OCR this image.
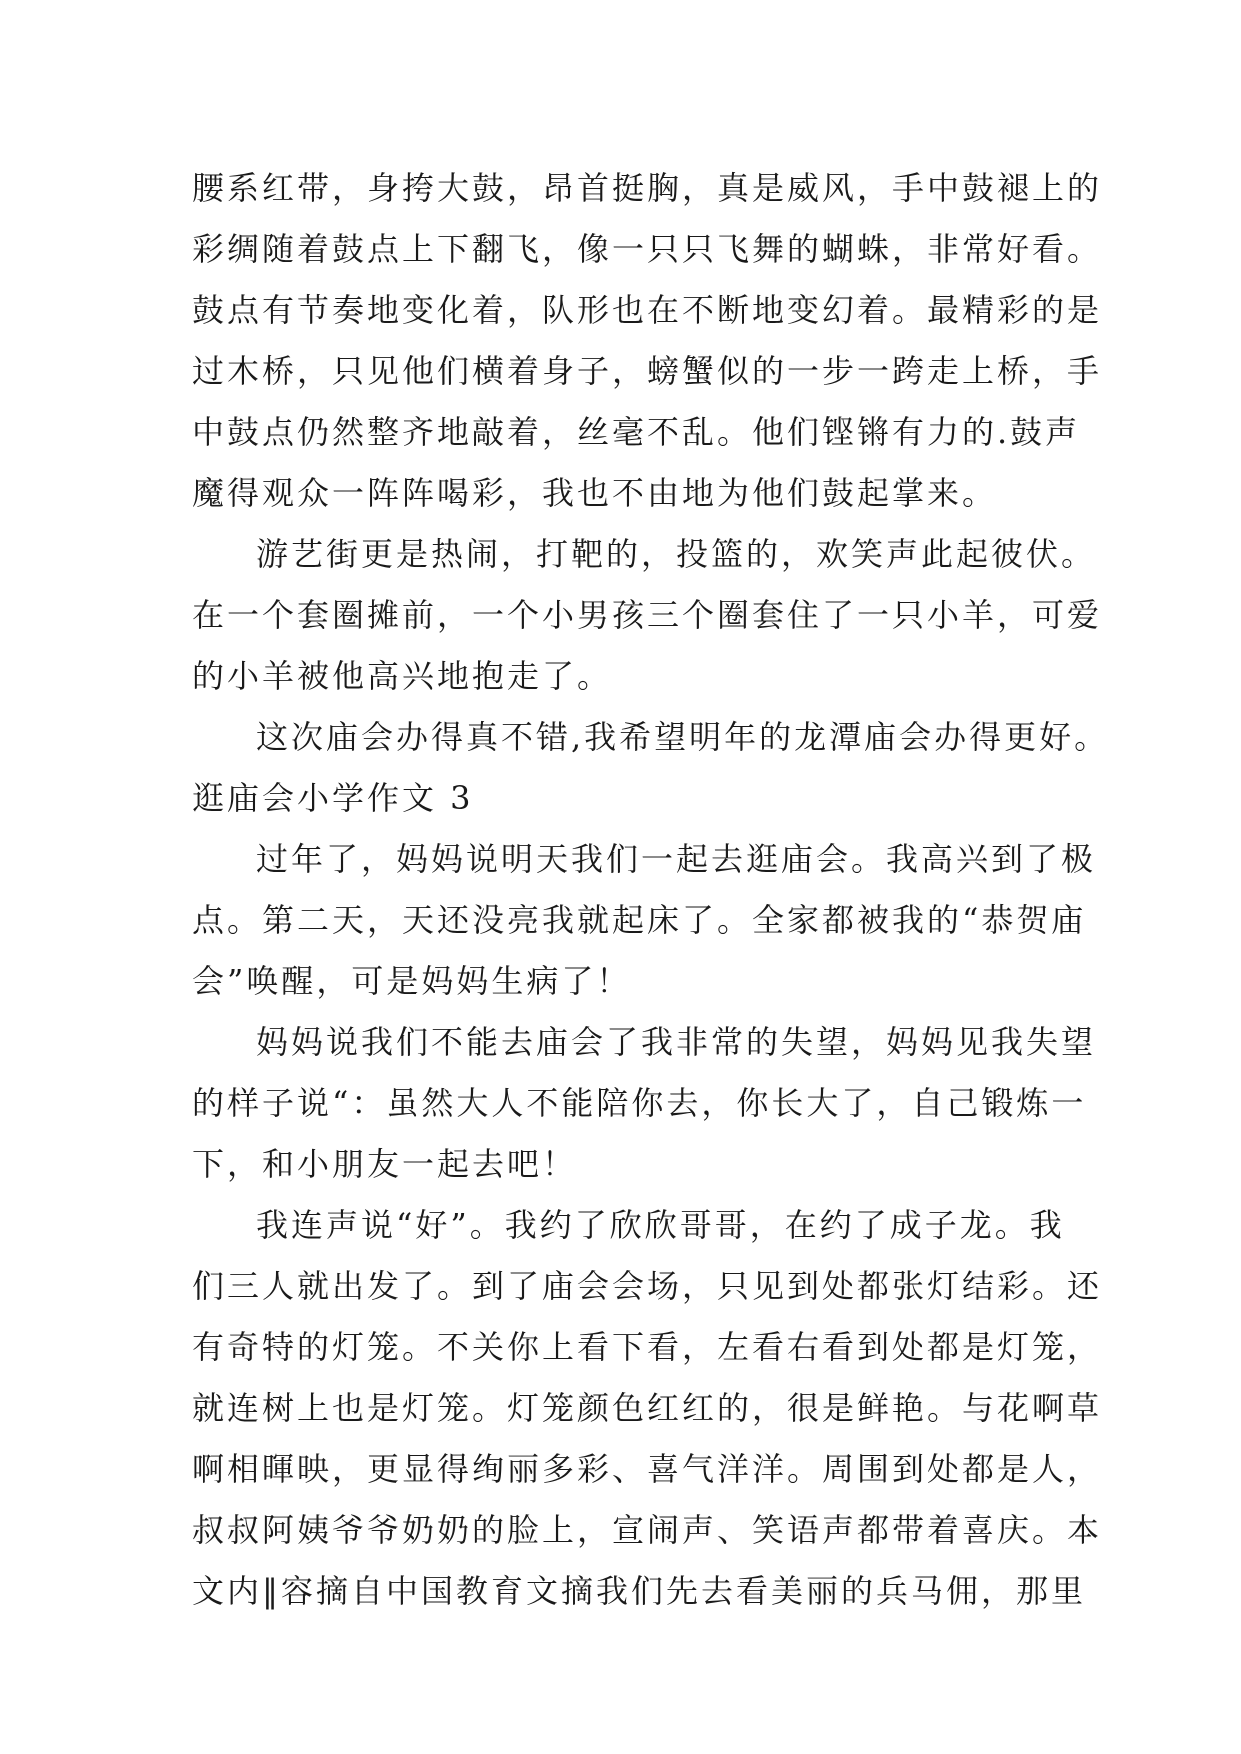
腰系红带，身挎大鼓，昂首挺胸，真是威风，手中鼓褪上的
彩绸随着鼓点上下翻飞，像一只只飞舞的蝴蛛，非常好看。
鼓点有节奏地变化着，队形也在不断地变幻着。最精彩的是
过木桥，只见他们横着身子，螃蟹似的一步一跨走上桥，手
中鼓点仍然整齐地敲着，丝毫不乱。他们铿锵有力的.鼓声
魔得观众一阵阵喝彩，我也不由地为他们鼓起掌来。
游艺街更是热闹，打靶的，投篮的，欢笑声此起彼伏。
在一个套圈摊前，一个小男孩三个圈套住了一只小羊，可爱
的小羊被他高兴地抱走了。
这次庙会办得真不错,我希望明年的龙潭庙会办得更好。
逛庙会小学作文 3
过年了，妈妈说明天我们一起去逛庙会。我高兴到了极
点。第二天，天还没亮我就起床了。全家都被我的“恭贺庙
会”唤醒，可是妈妈生病了！
妈妈说我们不能去庙会了我非常的失望，妈妈见我失望
的样子说“：虽然大人不能陪你去，你长大了，自己锻炼一
下，和小朋友一起去吧！
我连声说“好”。我约了欣欣哥哥，在约了成子龙。我
们三人就出发了。到了庙会会场，只见到处都张灯结彩。还
有奇特的灯笼。不关你上看下看，左看右看到处都是灯笼，
就连树上也是灯笼。灯笼颜色红红的，很是鲜艳。与花啊草
啊相暉映，更显得绚丽多彩、喜气洋洋。周围到处都是人，
叔叔阿姨爷爷奶奶的脸上，宣闹声、笑语声都带着喜庆。本
文内‖容摘自中国教育文摘我们先去看美丽的兵马佣，那里
